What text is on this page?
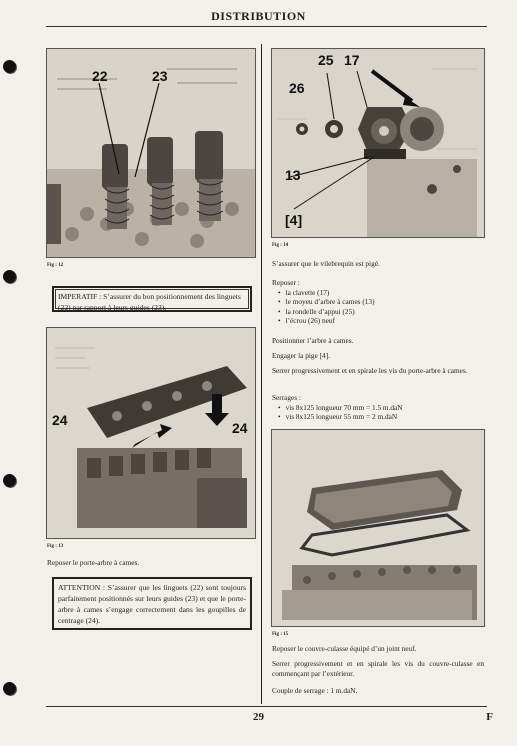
DISTRIBUTION
22	23
Fig : 12
IMPERATIF : S’assurer du bon positionnement des linguets (22) par rapport à leurs guides (23).
24	24
Fig : 13
Reposer le porte-arbre à cames.
ATTENTION : S’assurer que les linguets (22) sont toujours parfaitement positionnés sur leurs guides (23) et que le porte-arbre à cames s’engage correctement dans les goupilles de centrage (24).
25 17
26
13
[4]
Fig : 14
S’assurer que le vilebrequin est pigé.
Reposer :
• la clavette (17)
• le moyeu d’arbre à cames (13)
• la rondelle d’appui (25)
• l’écrou (26) neuf
Positionner l’arbre à cames.
Engager la pige [4].
Serrer progressivement et en spirale les vis du porte-arbre à cames.
Serrages :
• vis 8x125 longueur 70 mm = 1.5 m.daN
• vis 8x125 longueur 55 mm = 2 m.daN
Fig : 15
Reposer le couvre-culasse équipé d’un joint neuf.
Serrer progressivement et en spirale les vis du couvre-culasse en commençant par l’extérieur.
Couple de serrage : 1 m.daN.
29	F
